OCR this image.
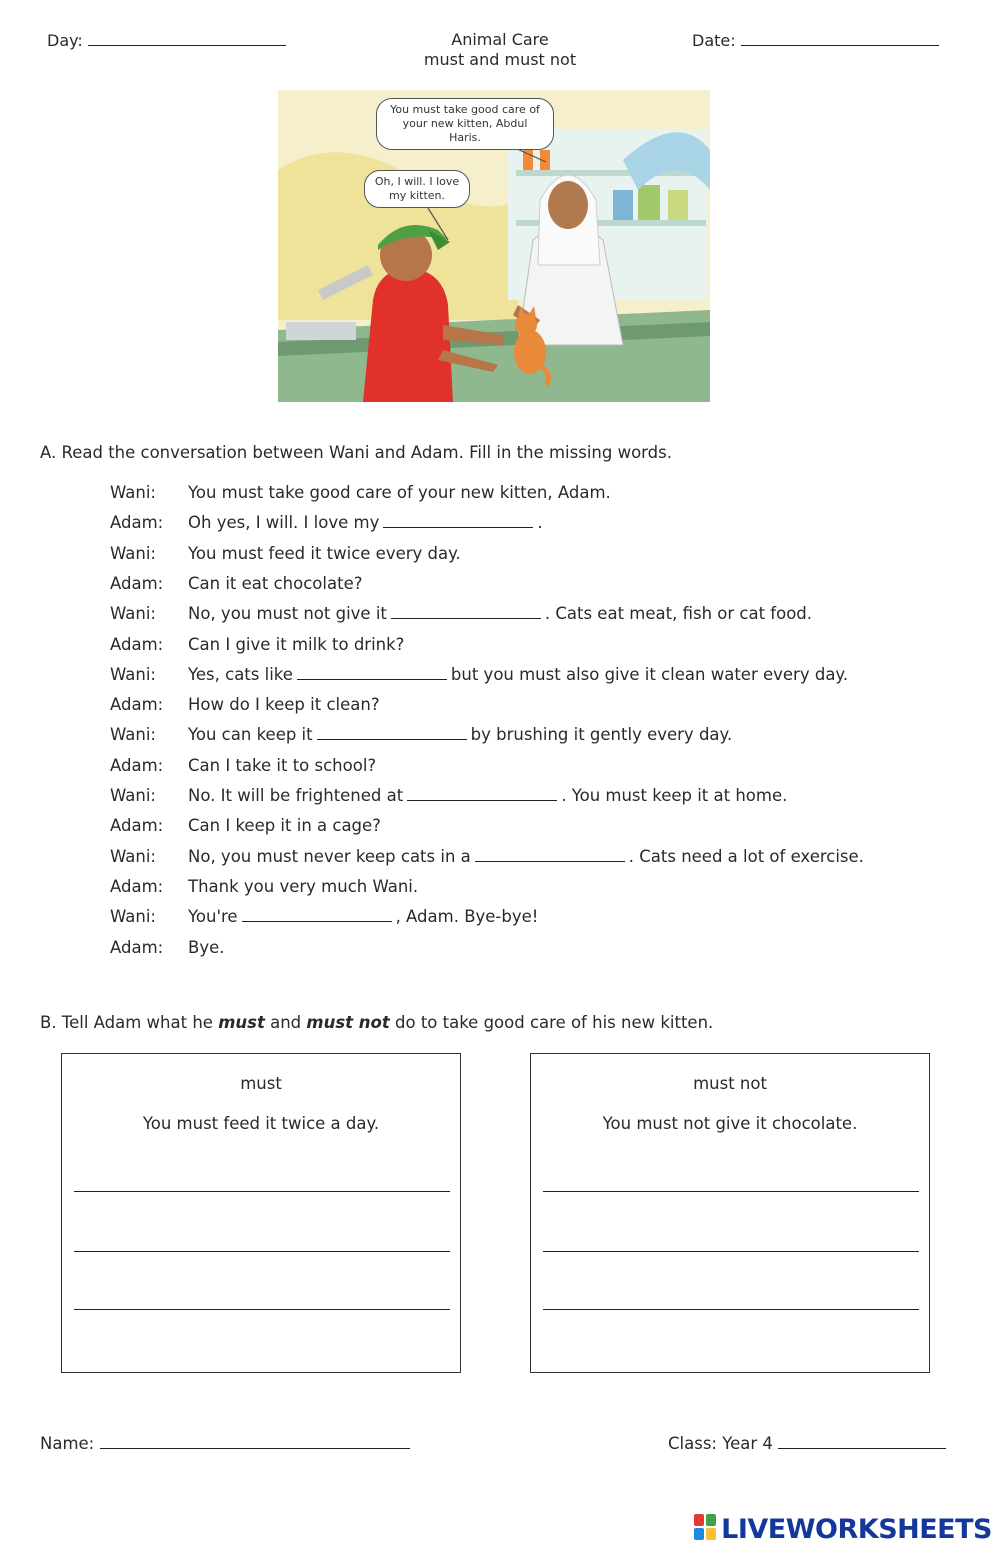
Day:	Animal Care
must and must not
Date:
You must take good care of your new kitten, Abdul Haris.
Oh, I will. I love my kitten.
A. Read the conversation between Wani and Adam. Fill in the missing words.
Wani: You must take good care of your new kitten, Adam.
Adam: Oh yes, I will. I love my	.
Wani: You must feed it twice every day.
Adam: Can it eat chocolate?
Wani: No, you must not give it	. Cats eat meat, fish or cat food.
Adam: Can I give it milk to drink?
Wani: Yes, cats like	but you must also give it clean water every day.
Adam: How do I keep it clean?
Wani: You can keep it	by brushing it gently every day.
Adam: Can I take it to school?
Wani: No. It will be frightened at	. You must keep it at home.
Adam: Can I keep it in a cage?
Wani: No, you must never keep cats in a	. Cats need a lot of exercise.
Adam: Thank you very much Wani.
Wani: You're	, Adam. Bye-bye!
Adam: Bye.
B. Tell Adam what he must and must not do to take good care of his new kitten.
must
You must feed it twice a day.
must not
You must not give it chocolate.
Name:	Class: Year 4
LIVEWORKSHEETS
